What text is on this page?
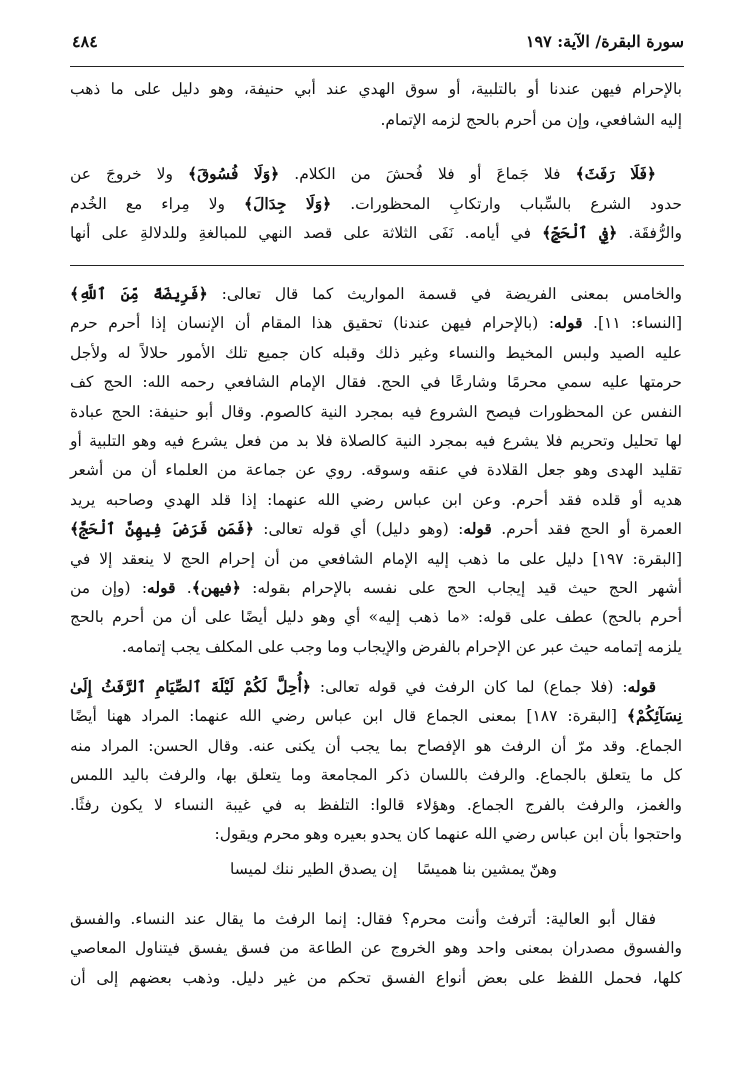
سورة البقرة/ الآية: ١٩٧
٤٨٤
بالإحرام فيهن عندنا أو بالتلبية، أو سوق الهدي عند أبي حنيفة، وهو دليل على ما ذهب
إليه الشافعي، وإن من أحرم بالحج لزمه الإتمام.
﴿فَلَا رَفَثَ﴾ فلا جَماعَ أو فلا فُحشَ من الكلام. ﴿وَلَا فُسُوقَ﴾ ولا خروجَ عن
حدود الشرع بالسِّباب وارتكابِ المحظورات. ﴿وَلَا جِدَالَ﴾ ولا مِراء مع الخُدم
والرُّفقَة. ﴿فِي ٱلْحَجِّ﴾ في أيامه. نَفَى الثلاثة على قصد النهي للمبالغةِ وللدلالةِ على أنها
والخامس بمعنى الفريضة في قسمة المواريث كما قال تعالى: ﴿فَرِيضَةً مِّنَ ٱللَّهِ﴾
[النساء: ١١]. قوله: (بالإحرام فيهن عندنا) تحقيق هذا المقام أن الإنسان إذا أحرم حرم
عليه الصيد ولبس المخيط والنساء وغير ذلك وقبله كان جميع تلك الأمور حلالاً له ولأجل
حرمتها عليه سمي محرمًا وشارعًا في الحج. فقال الإمام الشافعي رحمه الله: الحج كف
النفس عن المحظورات فيصح الشروع فيه بمجرد النية كالصوم. وقال أبو حنيفة: الحج عبادة
لها تحليل وتحريم فلا يشرع فيه بمجرد النية كالصلاة فلا بد من فعل يشرع فيه وهو التلبية أو
تقليد الهدى وهو جعل القلادة في عنقه وسوقه. روي عن جماعة من العلماء أن من أشعر
هديه أو قلده فقد أحرم. وعن ابن عباس رضي الله عنهما: إذا قلد الهدي وصاحبه يريد
العمرة أو الحج فقد أحرم. قوله: (وهو دليل) أي قوله تعالى: ﴿فَمَن فَرَضَ فِيهِنَّ ٱلْحَجَّ﴾
[البقرة: ١٩٧] دليل على ما ذهب إليه الإمام الشافعي من أن إحرام الحج لا ينعقد إلا في
أشهر الحج حيث قيد إيجاب الحج على نفسه بالإحرام بقوله: ﴿فيهن﴾. قوله: (وإن من
أحرم بالحج) عطف على قوله: «ما ذهب إليه» أي وهو دليل أيضًا على أن من أحرم بالحج
يلزمه إتمامه حيث عبر عن الإحرام بالفرض والإيجاب وما وجب على المكلف يجب إتمامه.
قوله: (فلا جماع) لما كان الرفث في قوله تعالى: ﴿أُحِلَّ لَكُمْ لَيْلَةَ ٱلصِّيَامِ ٱلرَّفَثُ إِلَىٰ
نِسَآئِكُمْ﴾ [البقرة: ١٨٧] بمعنى الجماع قال ابن عباس رضي الله عنهما: المراد ههنا أيضًا
الجماع. وقد مرّ أن الرفث هو الإفصاح بما يجب أن يكنى عنه. وقال الحسن: المراد منه
كل ما يتعلق بالجماع. والرفث باللسان ذكر المجامعة وما يتعلق بها، والرفث باليد اللمس
والغمز، والرفث بالفرج الجماع. وهؤلاء قالوا: التلفظ به في غيبة النساء لا يكون رفثًا.
واحتجوا بأن ابن عباس رضي الله عنهما كان يحدو بعيره وهو محرم ويقول:
فقال أبو العالية: أترفث وأنت محرم؟ فقال: إنما الرفث ما يقال عند النساء. والفسق
والفسوق مصدران بمعنى واحد وهو الخروج عن الطاعة من فسق يفسق فيتناول المعاصي
كلها، فحمل اللفظ على بعض أنواع الفسق تحكم من غير دليل. وذهب بعضهم إلى أن
وهنّ يمشين بنا هميسًا
إن يصدق الطير ننك لميسا
